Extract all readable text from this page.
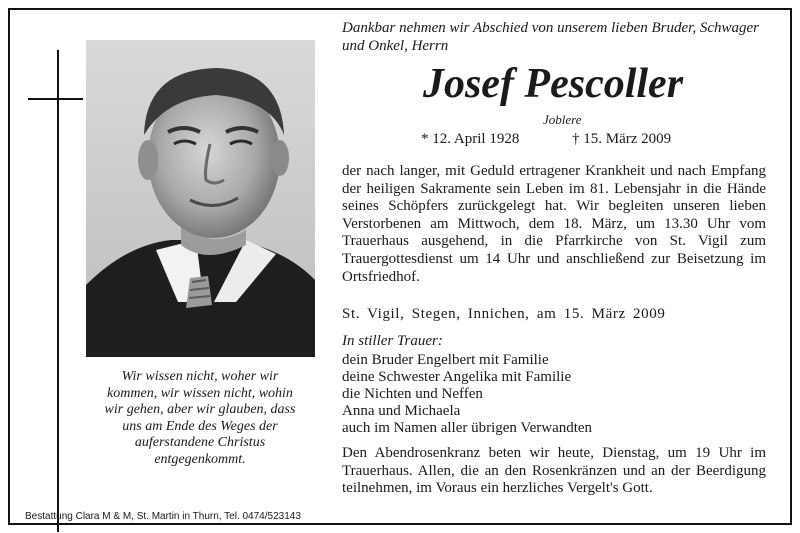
Wir wissen nicht, woher wir kommen, wir wissen nicht, wohin wir gehen, aber wir glauben, dass uns am Ende des Weges der auferstandene Christus entgegenkommt.

Bestattung Clara M & M, St. Martin in Thurn, Tel. 0474/523143

Dankbar nehmen wir Abschied von unserem lieben Bruder, Schwager und Onkel, Herrn

Josef Pescoller

Joblere

* 12. April 1928	† 15. März 2009

der nach langer, mit Geduld ertragener Krankheit und nach Empfang der heiligen Sakramente sein Leben im 81. Lebensjahr in die Hände seines Schöpfers zurückgelegt hat. Wir begleiten unseren lieben Verstorbenen am Mittwoch, dem 18. März, um 13.30 Uhr vom Trauerhaus ausgehend, in die Pfarrkirche von St. Vigil zum Trauergottesdienst um 14 Uhr und anschließend zur Beisetzung im Ortsfriedhof.

St. Vigil, Stegen, Innichen, am 15. März 2009

In stiller Trauer:

dein Bruder Engelbert mit Familie
deine Schwester Angelika mit Familie
die Nichten und Neffen
Anna und Michaela
auch im Namen aller übrigen Verwandten

Den Abendrosenkranz beten wir heute, Dienstag, um 19 Uhr im Trauerhaus. Allen, die an den Rosenkränzen und an der Beerdigung teilnehmen, im Voraus ein herzliches Vergelt's Gott.
